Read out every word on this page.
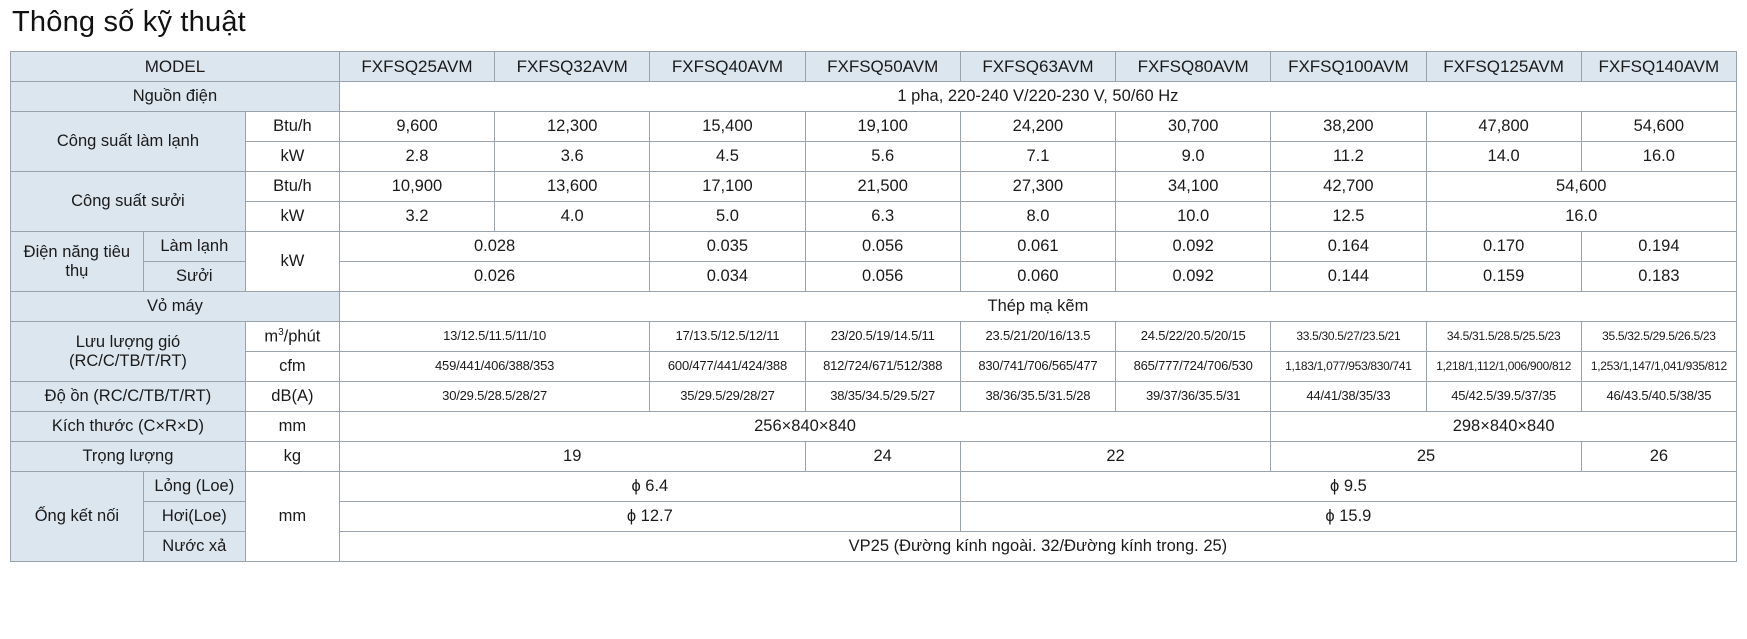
Thông số kỹ thuật
MODEL			FXFSQ25AVM	FXFSQ32AVM	FXFSQ40AVM	FXFSQ50AVM	FXFSQ63AVM	FXFSQ80AVM	FXFSQ100AVM	FXFSQ125AVM	FXFSQ140AVM
Nguồn điện			1 pha, 220-240 V/220-230 V, 50/60 Hz								
Công suất làm lạnh		Btu/h	9,600	12,300	15,400	19,100	24,200	30,700	38,200	47,800	54,600
		kW	2.8	3.6	4.5	5.6	7.1	9.0	11.2	14.0	16.0
Công suất sưởi		Btu/h	10,900	13,600	17,100	21,500	27,300	34,100	42,700	54,600	
		kW	3.2	4.0	5.0	6.3	8.0	10.0	12.5	16.0	
Điện năng tiêu thụ	Làm lạnh	kW	0.028		0.035	0.056	0.061	0.092	0.164	0.170	0.194
	Sưởi		0.026		0.034	0.056	0.060	0.092	0.144	0.159	0.183
Vỏ máy			Thép mạ kẽm								
Lưu lượng gió (RC/C/TB/T/RT)		$m^3$/phút	13/12.5/11.5/11/10		17/13.5/12.5/12/11	23/20.5/19/14.5/11	23.5/21/20/16/13.5	24.5/22/20.5/20/15	33.5/30.5/27/23.5/21	34.5/31.5/28.5/25.5/23	35.5/32.5/29.5/26.5/23
		cfm	459/441/406/388/353		600/477/441/424/388	812/724/671/512/388	830/741/706/565/477	865/777/724/706/530	1,183/1,077/953/830/741	1,218/1,112/1,006/900/812	1,253/1,147/1,041/935/812
Độ ồn (RC/C/TB/T/RT)		dB(A)	30/29.5/28.5/28/27		35/29.5/29/28/27	38/35/34.5/29.5/27	38/36/35.5/31.5/28	39/37/36/35.5/31	44/41/38/35/33	45/42.5/39.5/37/35	46/43.5/40.5/38/35
Kích thước (C×R×D)		mm	256×840×840						298×840×840		
Trọng lượng		kg	19			24	22		25		26
Ống kết nối	Lỏng (Loe)	mm	ϕ 6.4				ϕ 9.5				
	Hơi(Loe)		ϕ 12.7				ϕ 15.9				
	Nước xả		VP25 (Đường kính ngoài. 32/Đường kính trong. 25)								
